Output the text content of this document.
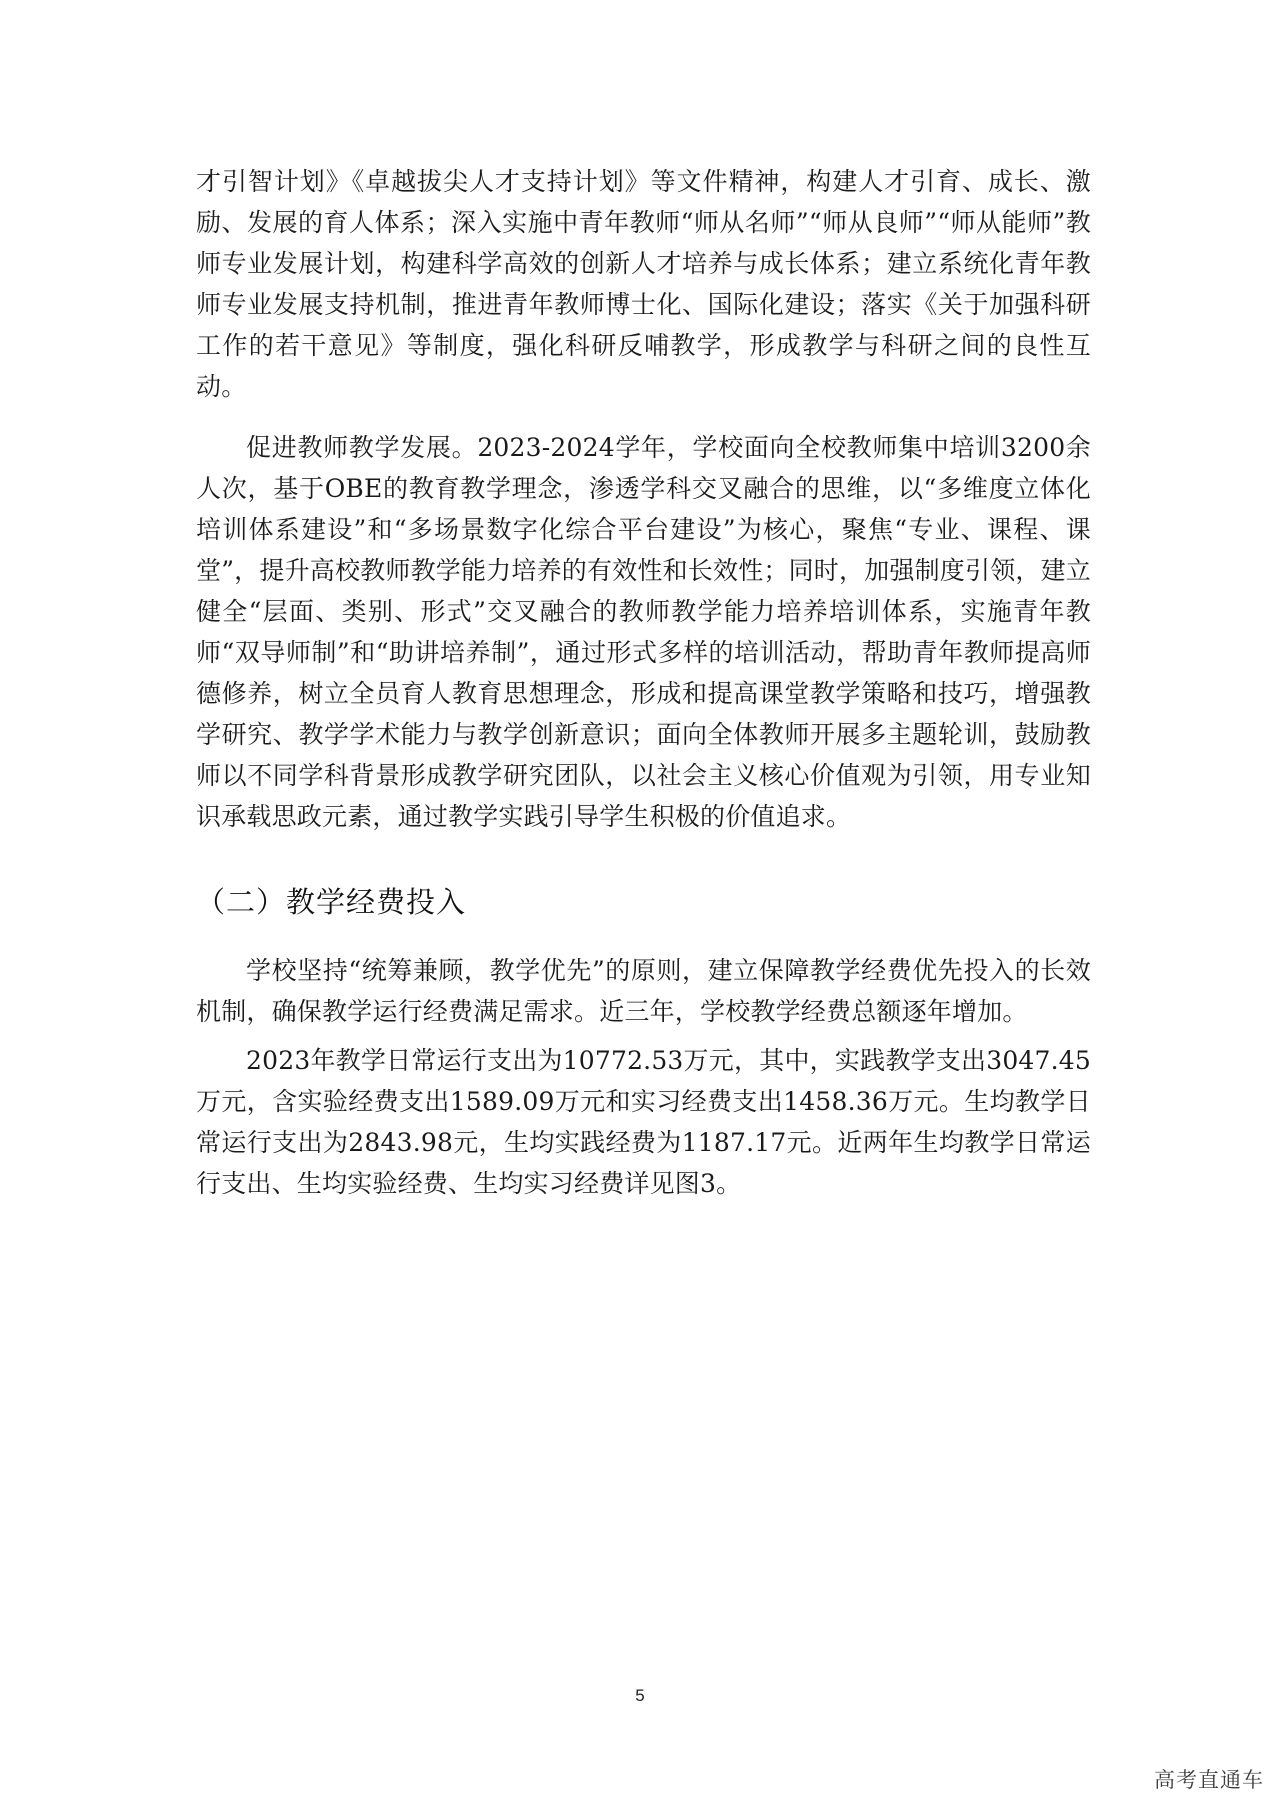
才引智计划》《卓越拔尖人才支持计划》等文件精神，构建人才引育、成长、激励、发展的育人体系；深入实施中青年教师“师从名师”“师从良师”“师从能师”教师专业发展计划，构建科学高效的创新人才培养与成长体系；建立系统化青年教师专业发展支持机制，推进青年教师博士化、国际化建设；落实《关于加强科研工作的若干意见》等制度，强化科研反哺教学，形成教学与科研之间的良性互动。

促进教师教学发展。2023-2024学年，学校面向全校教师集中培训3200余人次，基于OBE的教育教学理念，渗透学科交叉融合的思维，以“多维度立体化培训体系建设”和“多场景数字化综合平台建设”为核心，聚焦“专业、课程、课堂”，提升高校教师教学能力培养的有效性和长效性；同时，加强制度引领，建立健全“层面、类别、形式”交叉融合的教师教学能力培养培训体系，实施青年教师“双导师制”和“助讲培养制”，通过形式多样的培训活动，帮助青年教师提高师德修养，树立全员育人教育思想理念，形成和提高课堂教学策略和技巧，增强教学研究、教学学术能力与教学创新意识；面向全体教师开展多主题轮训，鼓励教师以不同学科背景形成教学研究团队，以社会主义核心价值观为引领，用专业知识承载思政元素，通过教学实践引导学生积极的价值追求。

（二）教学经费投入

学校坚持“统筹兼顾，教学优先”的原则，建立保障教学经费优先投入的长效机制，确保教学运行经费满足需求。近三年，学校教学经费总额逐年增加。

2023年教学日常运行支出为10772.53万元，其中，实践教学支出3047.45万元，含实验经费支出1589.09万元和实习经费支出1458.36万元。生均教学日常运行支出为2843.98元，生均实践经费为1187.17元。近两年生均教学日常运行支出、生均实验经费、生均实习经费详见图3。

5
高考直通车
